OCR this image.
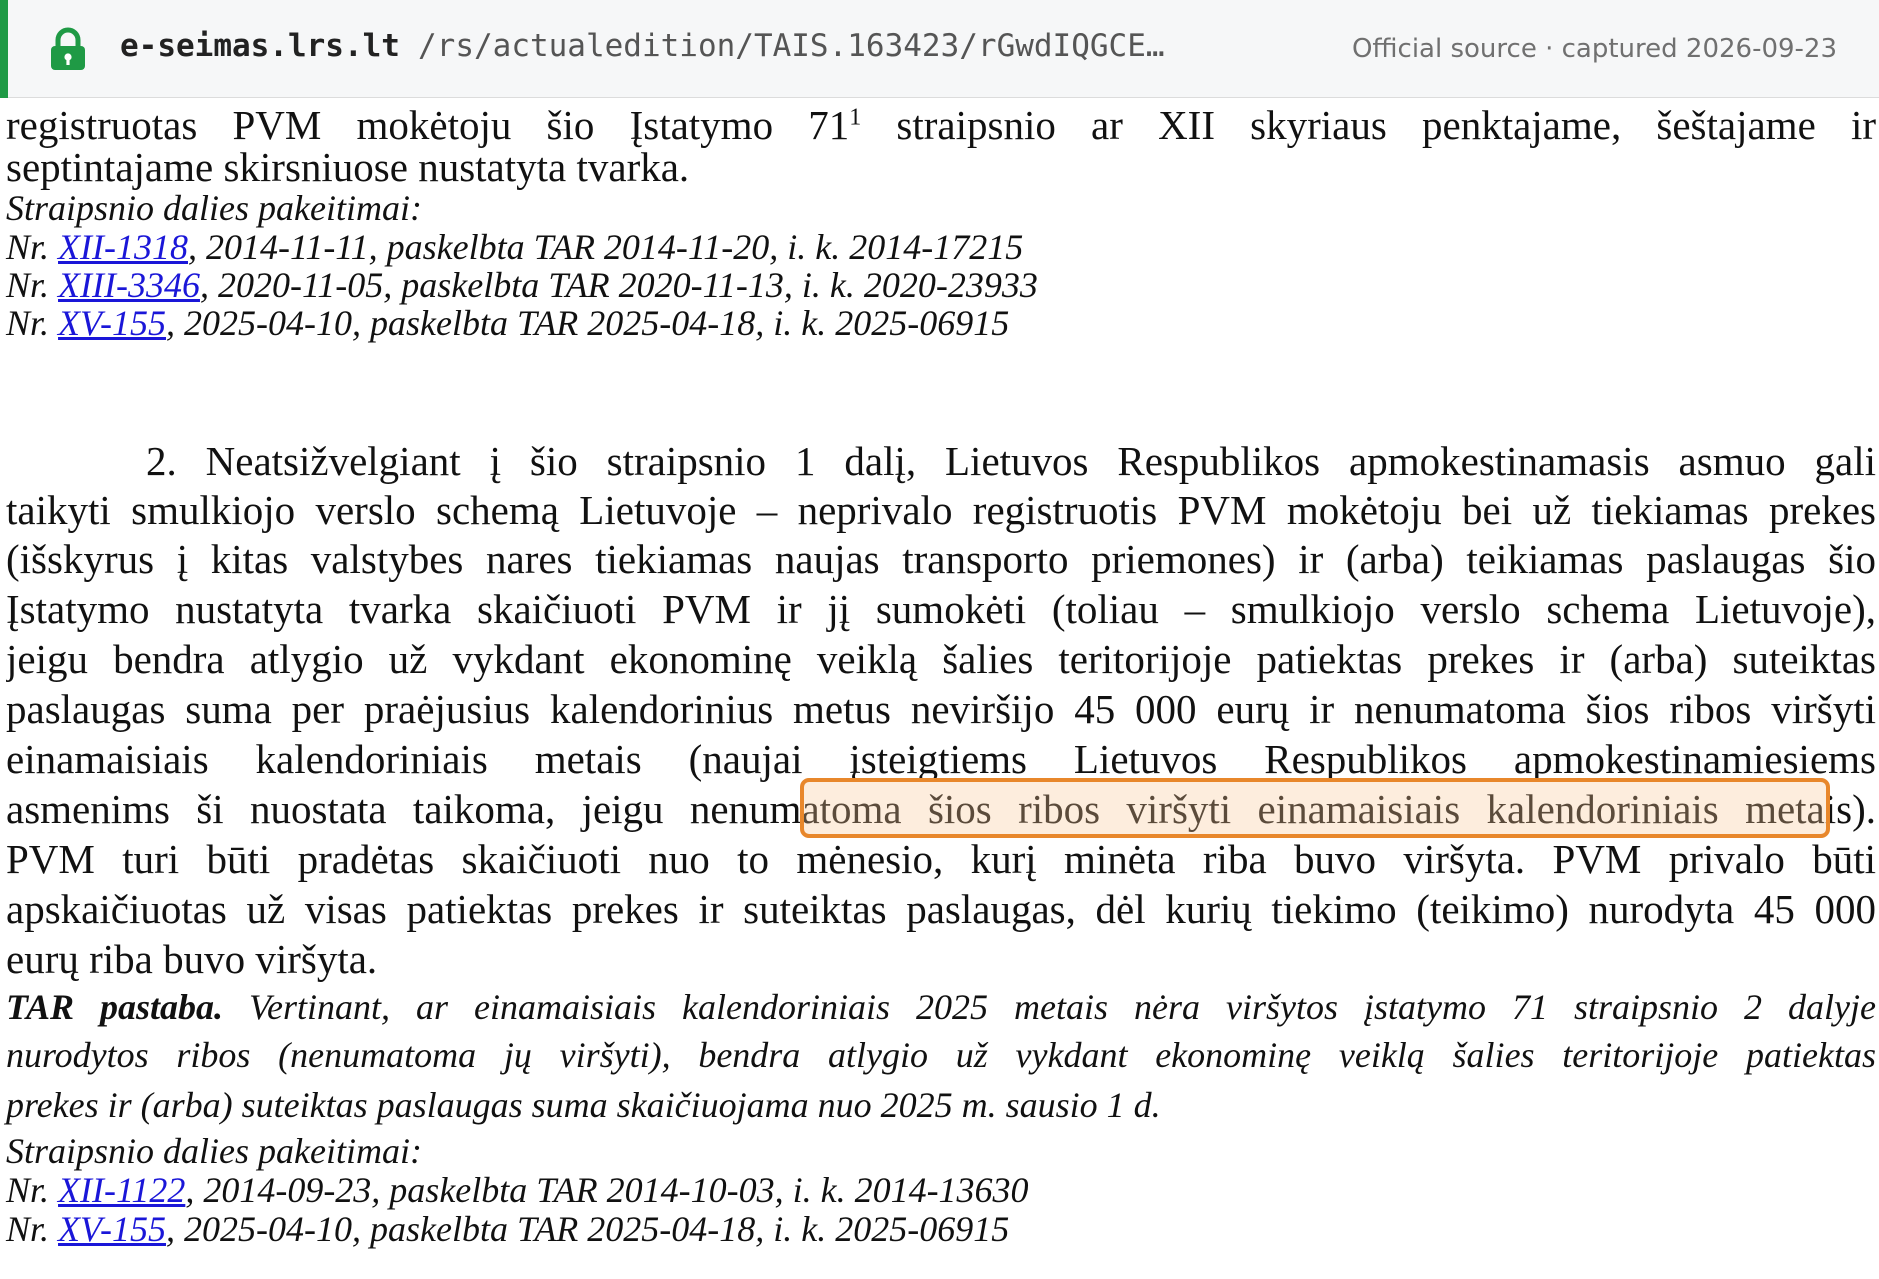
e-seimas.lrs.lt /rs/actualedition/TAIS.163423/rGwdIQGCE…	Official source · captured 2026-09-23
registruotas PVM mokėtoju šio Įstatymo $71^1$ straipsnio ar XII skyriaus penktajame, šeštajame ir
septintajame skirsniuose nustatyta tvarka.
Straipsnio dalies pakeitimai:
Nr. XII-1318, 2014-11-11, paskelbta TAR 2014-11-20, i. k. 2014-17215
Nr. XIII-3346, 2020-11-05, paskelbta TAR 2020-11-13, i. k. 2020-23933
Nr. XV-155, 2025-04-10, paskelbta TAR 2025-04-18, i. k. 2025-06915
2. Neatsižvelgiant į šio straipsnio 1 dalį, Lietuvos Respublikos apmokestinamasis asmuo gali
taikyti smulkiojo verslo schemą Lietuvoje – neprivalo registruotis PVM mokėtoju bei už tiekiamas prekes
(išskyrus į kitas valstybes nares tiekiamas naujas transporto priemones) ir (arba) teikiamas paslaugas šio
Įstatymo nustatyta tvarka skaičiuoti PVM ir jį sumokėti (toliau – smulkiojo verslo schema Lietuvoje),
jeigu bendra atlygio už vykdant ekonominę veiklą šalies teritorijoje patiektas prekes ir (arba) suteiktas
paslaugas suma per praėjusius kalendorinius metus neviršijo 45 000 eurų ir nenumatoma šios ribos viršyti
einamaisiais kalendoriniais metais (naujai įsteigtiems Lietuvos Respublikos apmokestinamiesiems
asmenims ši nuostata taikoma, jeigu nenumatoma šios ribos viršyti einamaisiais kalendoriniais metais).
PVM turi būti pradėtas skaičiuoti nuo to mėnesio, kurį minėta riba buvo viršyta. PVM privalo būti
apskaičiuotas už visas patiektas prekes ir suteiktas paslaugas, dėl kurių tiekimo (teikimo) nurodyta 45 000
eurų riba buvo viršyta.
TAR pastaba. Vertinant, ar einamaisiais kalendoriniais 2025 metais nėra viršytos įstatymo 71 straipsnio 2 dalyje
nurodytos ribos (nenumatoma jų viršyti), bendra atlygio už vykdant ekonominę veiklą šalies teritorijoje patiektas
prekes ir (arba) suteiktas paslaugas suma skaičiuojama nuo 2025 m. sausio 1 d.
Straipsnio dalies pakeitimai:
Nr. XII-1122, 2014-09-23, paskelbta TAR 2014-10-03, i. k. 2014-13630
Nr. XV-155, 2025-04-10, paskelbta TAR 2025-04-18, i. k. 2025-06915
